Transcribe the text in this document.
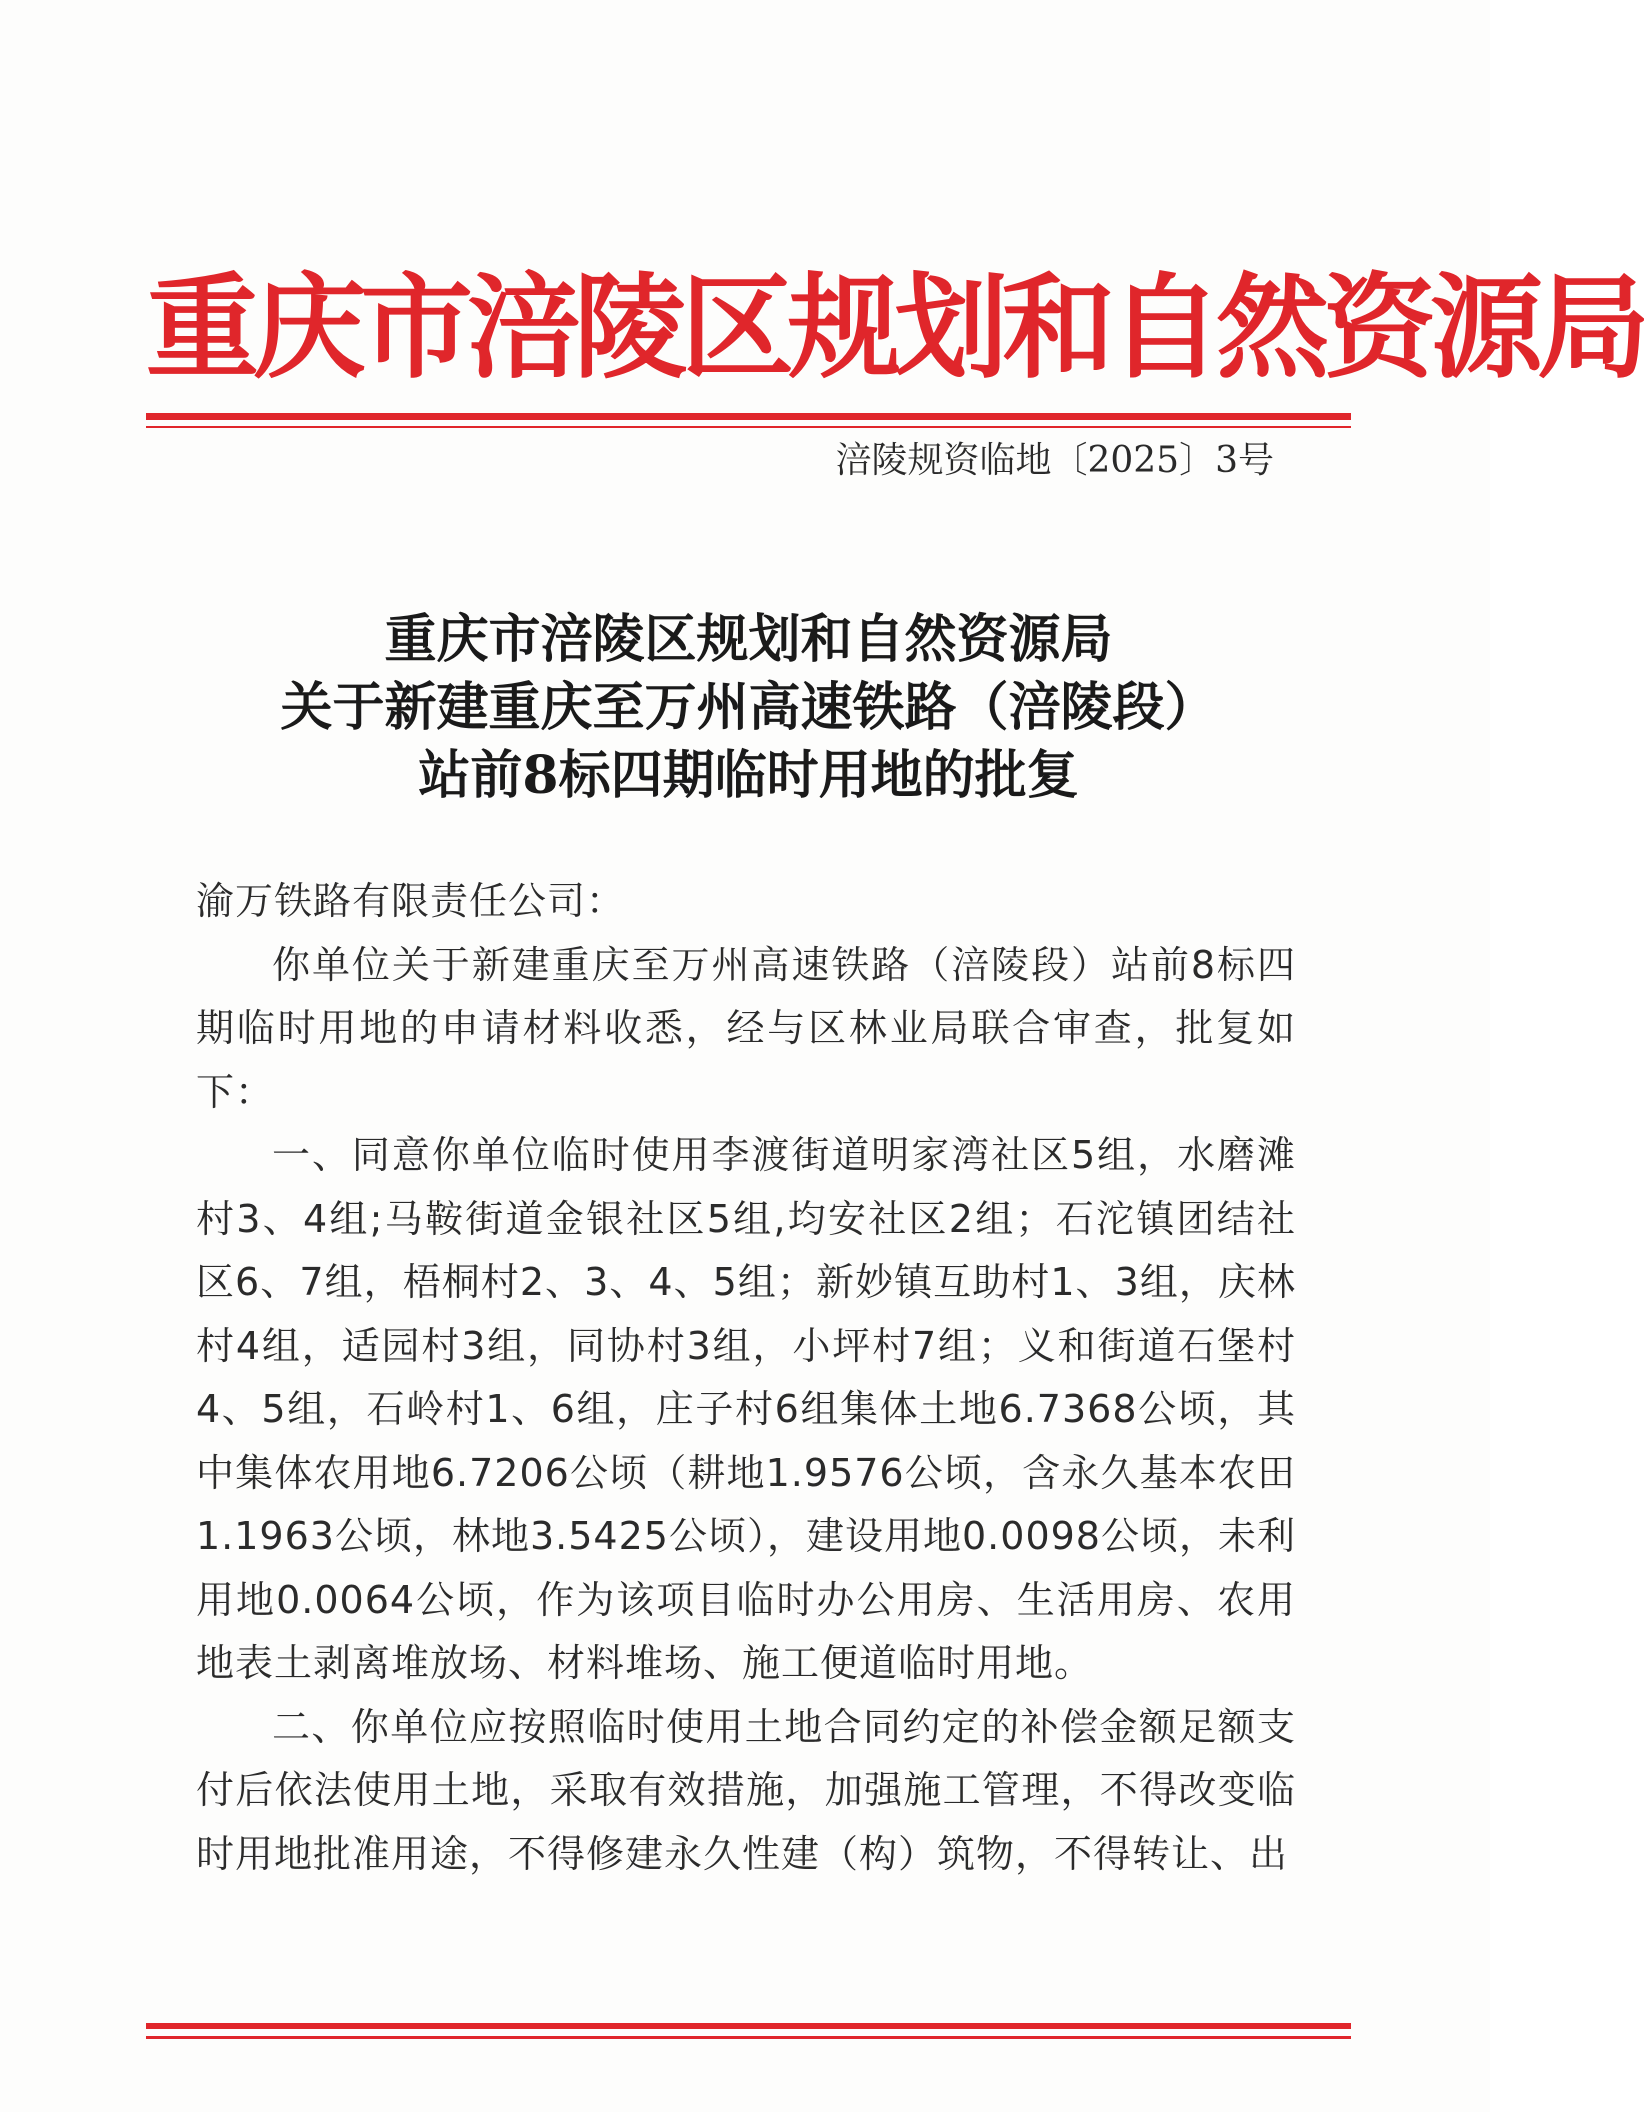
重庆市涪陵区规划和自然资源局
涪陵规资临地〔2025〕3号
重庆市涪陵区规划和自然资源局
关于新建重庆至万州高速铁路（涪陵段）
站前8标四期临时用地的批复

渝万铁路有限责任公司：

你单位关于新建重庆至万州高速铁路（涪陵段）站前8标四期临时用地的申请材料收悉，经与区林业局联合审查，批复如下：

一、同意你单位临时使用李渡街道明家湾社区5组，水磨滩村3、4组;马鞍街道金银社区5组,均安社区2组；石沱镇团结社区6、7组，梧桐村2、3、4、5组；新妙镇互助村1、3组，庆林村4组，适园村3组，同协村3组，小坪村7组；义和街道石堡村4、5组，石岭村1、6组，庄子村6组集体土地6.7368公顷，其中集体农用地6.7206公顷（耕地1.9576公顷，含永久基本农田1.1963公顷，林地3.5425公顷），建设用地0.0098公顷，未利用地0.0064公顷，作为该项目临时办公用房、生活用房、农用地表土剥离堆放场、材料堆场、施工便道临时用地。

二、你单位应按照临时使用土地合同约定的补偿金额足额支付后依法使用土地，采取有效措施，加强施工管理，不得改变临时用地批准用途，不得修建永久性建（构）筑物，不得转让、出
